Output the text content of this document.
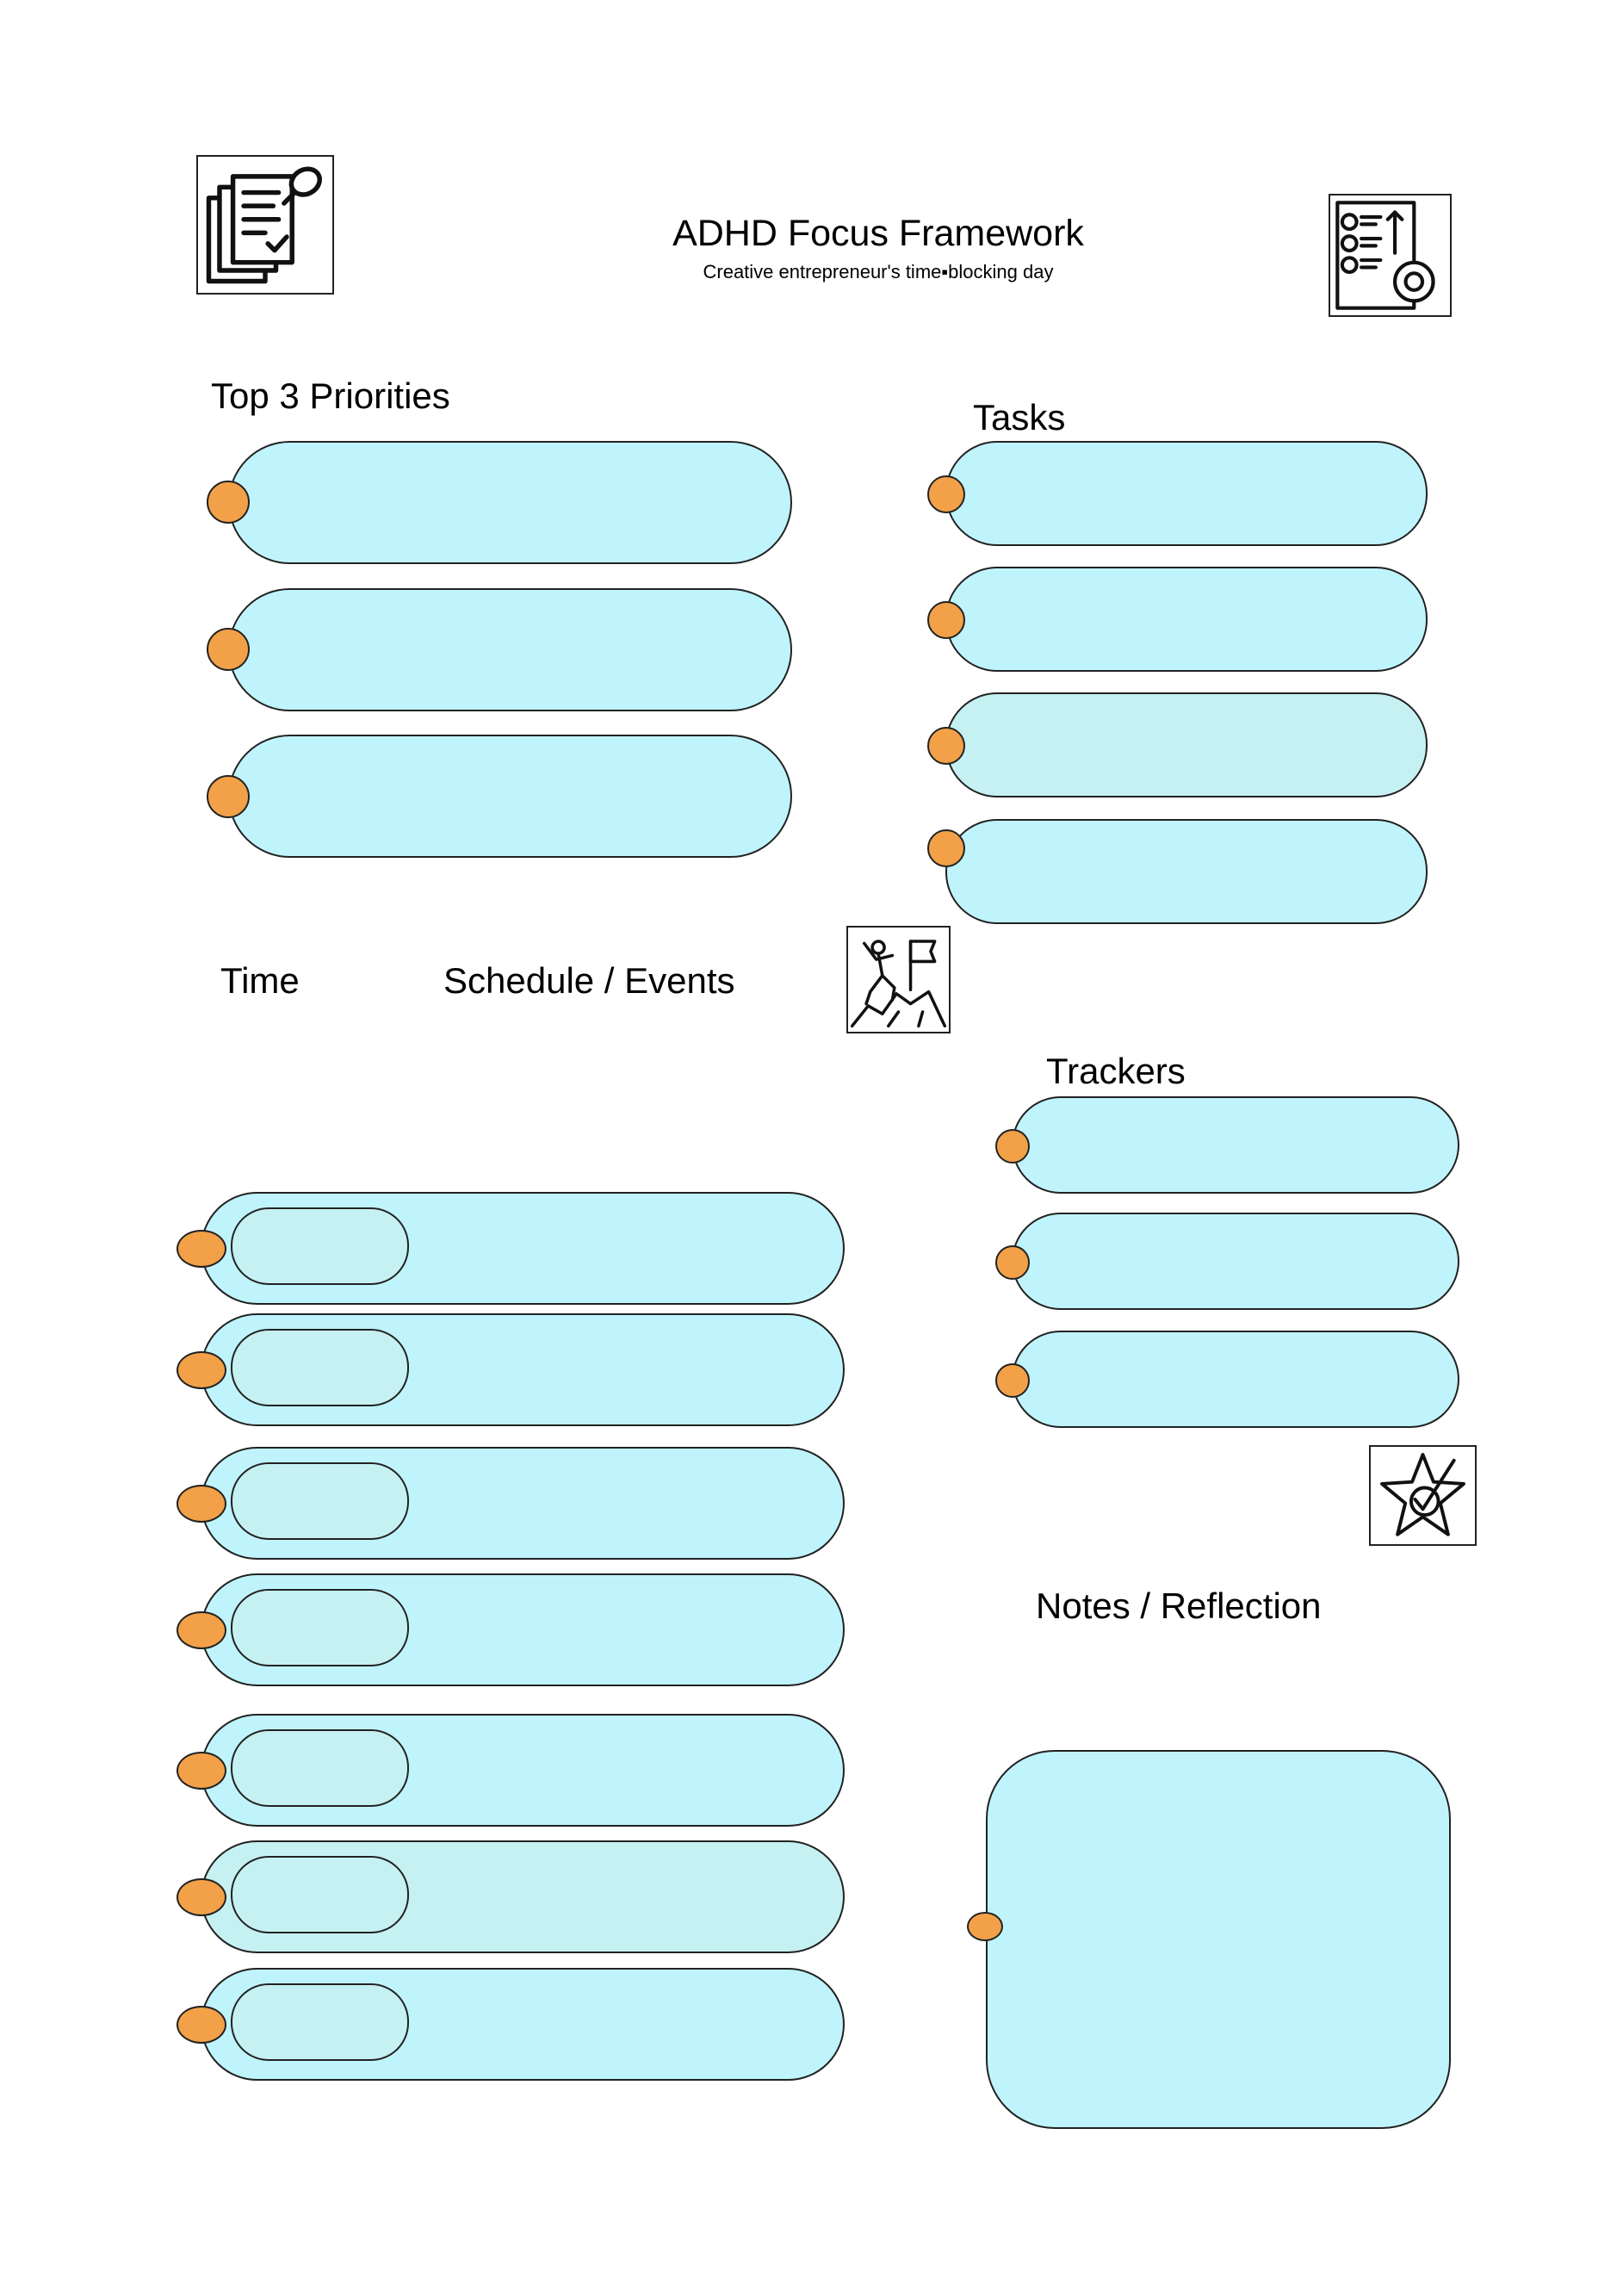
ADHD Focus Framework
Creative entrepreneur's time▪blocking day
Top 3 Priorities
Tasks
Time	Schedule / Events
Trackers
Notes / Reflection
